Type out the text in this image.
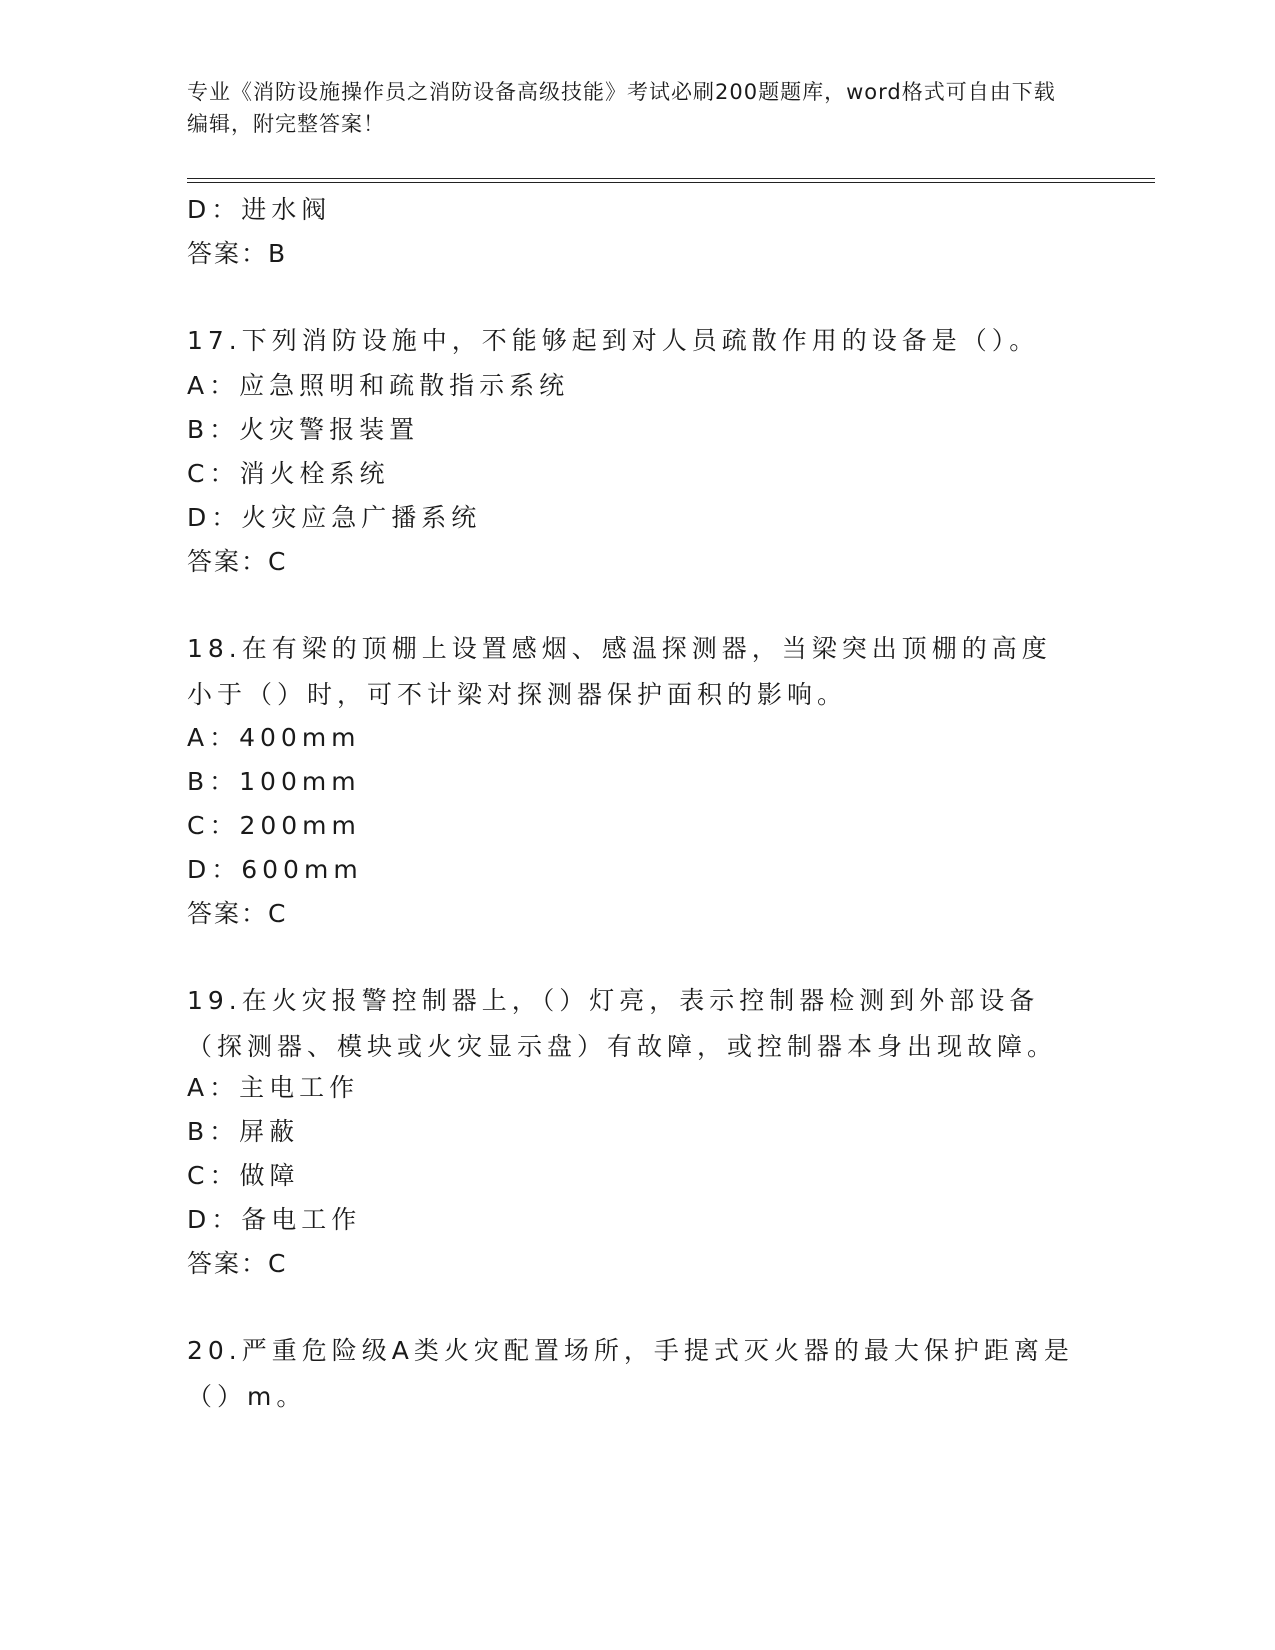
专业《消防设施操作员之消防设备高级技能》考试必刷200题题库，word格式可自由下载编辑，附完整答案！
D：进水阀
答案：B
17.下列消防设施中，不能够起到对人员疏散作用的设备是（）。
A：应急照明和疏散指示系统
B：火灾警报装置
C：消火栓系统
D：火灾应急广播系统
答案：C
18.在有梁的顶棚上设置感烟、感温探测器，当梁突出顶棚的高度小于（）时，可不计梁对探测器保护面积的影响。
A：400mm
B：100mm
C：200mm
D：600mm
答案：C
19.在火灾报警控制器上，（）灯亮，表示控制器检测到外部设备（探测器、模块或火灾显示盘）有故障，或控制器本身出现故障。
A：主电工作
B：屏蔽
C：做障
D：备电工作
答案：C
20.严重危险级A类火灾配置场所，手提式灭火器的最大保护距离是（）m。
